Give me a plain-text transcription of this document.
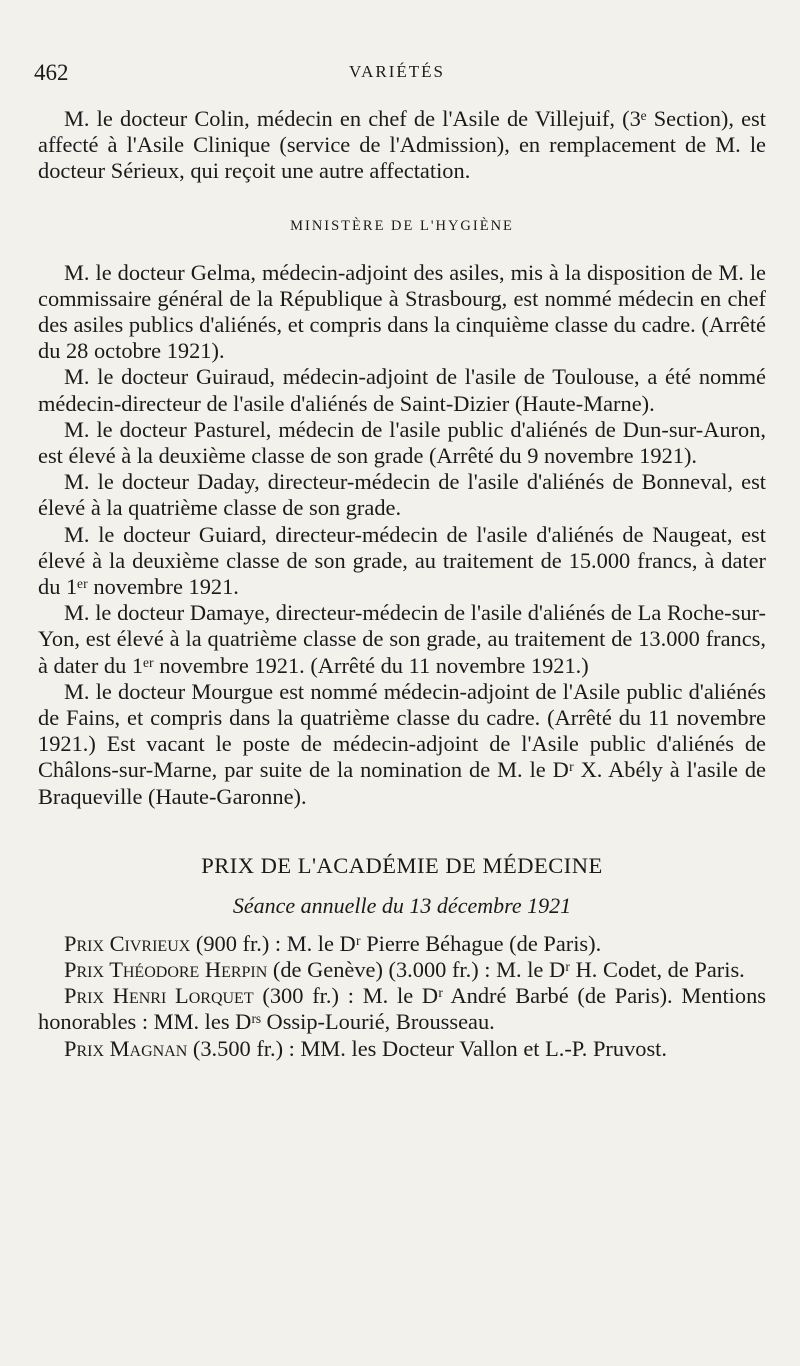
462	VARIÉTÉS

M. le docteur Colin, médecin en chef de l'Asile de Villejuif, (3ᵉ Section), est affecté à l'Asile Clinique (service de l'Admission), en remplacement de M. le docteur Sérieux, qui reçoit une autre affectation.

MINISTÈRE DE L'HYGIÈNE

M. le docteur Gelma, médecin-adjoint des asiles, mis à la disposition de M. le commissaire général de la République à Strasbourg, est nommé médecin en chef des asiles publics d'aliénés, et compris dans la cinquième classe du cadre. (Arrêté du 28 octobre 1921).

M. le docteur Guiraud, médecin-adjoint de l'asile de Toulouse, a été nommé médecin-directeur de l'asile d'aliénés de Saint-Dizier (Haute-Marne).

M. le docteur Pasturel, médecin de l'asile public d'aliénés de Dun-sur-Auron, est élevé à la deuxième classe de son grade (Arrêté du 9 novembre 1921).

M. le docteur Daday, directeur-médecin de l'asile d'aliénés de Bonneval, est élevé à la quatrième classe de son grade.

M. le docteur Guiard, directeur-médecin de l'asile d'aliénés de Naugeat, est élevé à la deuxième classe de son grade, au traitement de 15.000 francs, à dater du 1ᵉʳ novembre 1921.

M. le docteur Damaye, directeur-médecin de l'asile d'aliénés de La Roche-sur-Yon, est élevé à la quatrième classe de son grade, au traitement de 13.000 francs, à dater du 1ᵉʳ novembre 1921. (Arrêté du 11 novembre 1921.)

M. le docteur Mourgue est nommé médecin-adjoint de l'Asile public d'aliénés de Fains, et compris dans la quatrième classe du cadre. (Arrêté du 11 novembre 1921.) Est vacant le poste de médecin-adjoint de l'Asile public d'aliénés de Châlons-sur-Marne, par suite de la nomination de M. le Dʳ X. Abély à l'asile de Braqueville (Haute-Garonne).

PRIX DE L'ACADÉMIE DE MÉDECINE
Séance annuelle du 13 décembre 1921

Prix Civrieux (900 fr.) : M. le Dʳ Pierre Béhague (de Paris).

Prix Théodore Herpin (de Genève) (3.000 fr.) : M. le Dʳ H. Codet, de Paris.

Prix Henri Lorquet (300 fr.) : M. le Dʳ André Barbé (de Paris). Mentions honorables : MM. les Dʳˢ Ossip-Lourié, Brousseau.

Prix Magnan (3.500 fr.) : MM. les Docteur Vallon et L.-P. Pruvost.
